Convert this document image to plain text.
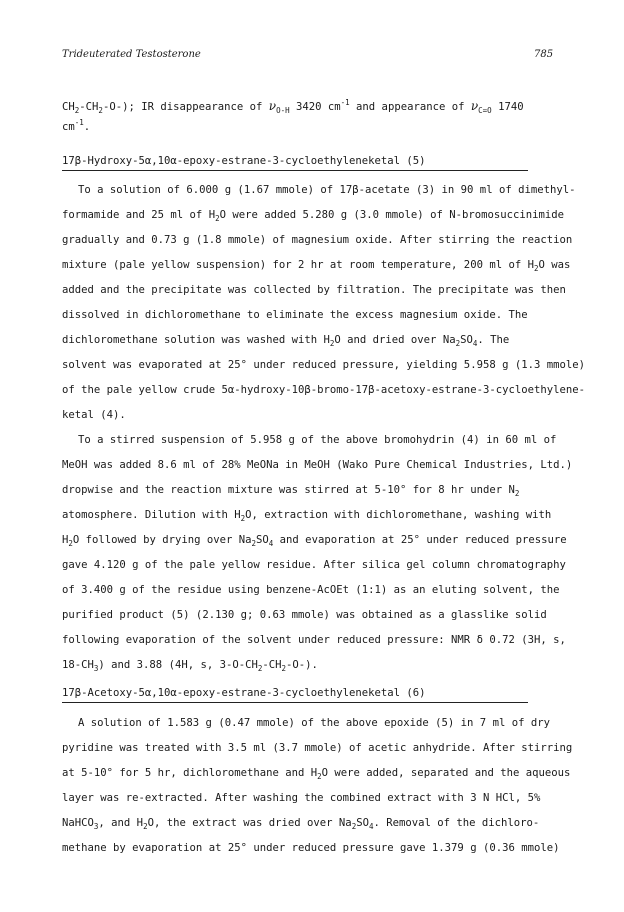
Trideuterated Testosterone	785
$CH_2-CH_2-O-$); IR disappearance of $\nu_{O-H}$ 3420 $cm^{-1}$ and appearance of $\nu_{C=O}$ 1740
$cm^{-1}$.
17β-Hydroxy-5α,10α-epoxy-estrane-3-cycloethyleneketal (5)
To a solution of 6.000 g (1.67 mmole) of 17β-acetate (3) in 90 ml of dimethyl-
formamide and 25 ml of $H_2O$ were added 5.280 g (3.0 mmole) of N-bromosuccinimide
gradually and 0.73 g (1.8 mmole) of magnesium oxide. After stirring the reaction
mixture (pale yellow suspension) for 2 hr at room temperature, 200 ml of $H_2O$ was
added and the precipitate was collected by filtration. The precipitate was then
dissolved in dichloromethane to eliminate the excess magnesium oxide. The
dichloromethane solution was washed with $H_2O$ and dried over $Na_2SO_4$. The
solvent was evaporated at 25° under reduced pressure, yielding 5.958 g (1.3 mmole)
of the pale yellow crude 5α-hydroxy-10β-bromo-17β-acetoxy-estrane-3-cycloethylene-
ketal (4).
To a stirred suspension of 5.958 g of the above bromohydrin (4) in 60 ml of
MeOH was added 8.6 ml of 28% MeONa in MeOH (Wako Pure Chemical Industries, Ltd.)
dropwise and the reaction mixture was stirred at 5-10° for 8 hr under $N_2$
atomosphere. Dilution with $H_2O$, extraction with dichloromethane, washing with
$H_2O$ followed by drying over $Na_2SO_4$ and evaporation at 25° under reduced pressure
gave 4.120 g of the pale yellow residue. After silica gel column chromatography
of 3.400 g of the residue using benzene-AcOEt (1:1) as an eluting solvent, the
purified product (5) (2.130 g; 0.63 mmole) was obtained as a glasslike solid
following evaporation of the solvent under reduced pressure: NMR δ 0.72 (3H, s,
$18-CH_3$) and 3.88 (4H, s, $3-O-CH_2-CH_2-O-$).
17β-Acetoxy-5α,10α-epoxy-estrane-3-cycloethyleneketal (6)
A solution of 1.583 g (0.47 mmole) of the above epoxide (5) in 7 ml of dry
pyridine was treated with 3.5 ml (3.7 mmole) of acetic anhydride. After stirring
at 5-10° for 5 hr, dichloromethane and $H_2O$ were added, separated and the aqueous
layer was re-extracted. After washing the combined extract with 3 N HCl, 5%
NaHCO$_3$, and $H_2O$, the extract was dried over $Na_2SO_4$. Removal of the dichloro-
methane by evaporation at 25° under reduced pressure gave 1.379 g (0.36 mmole)
